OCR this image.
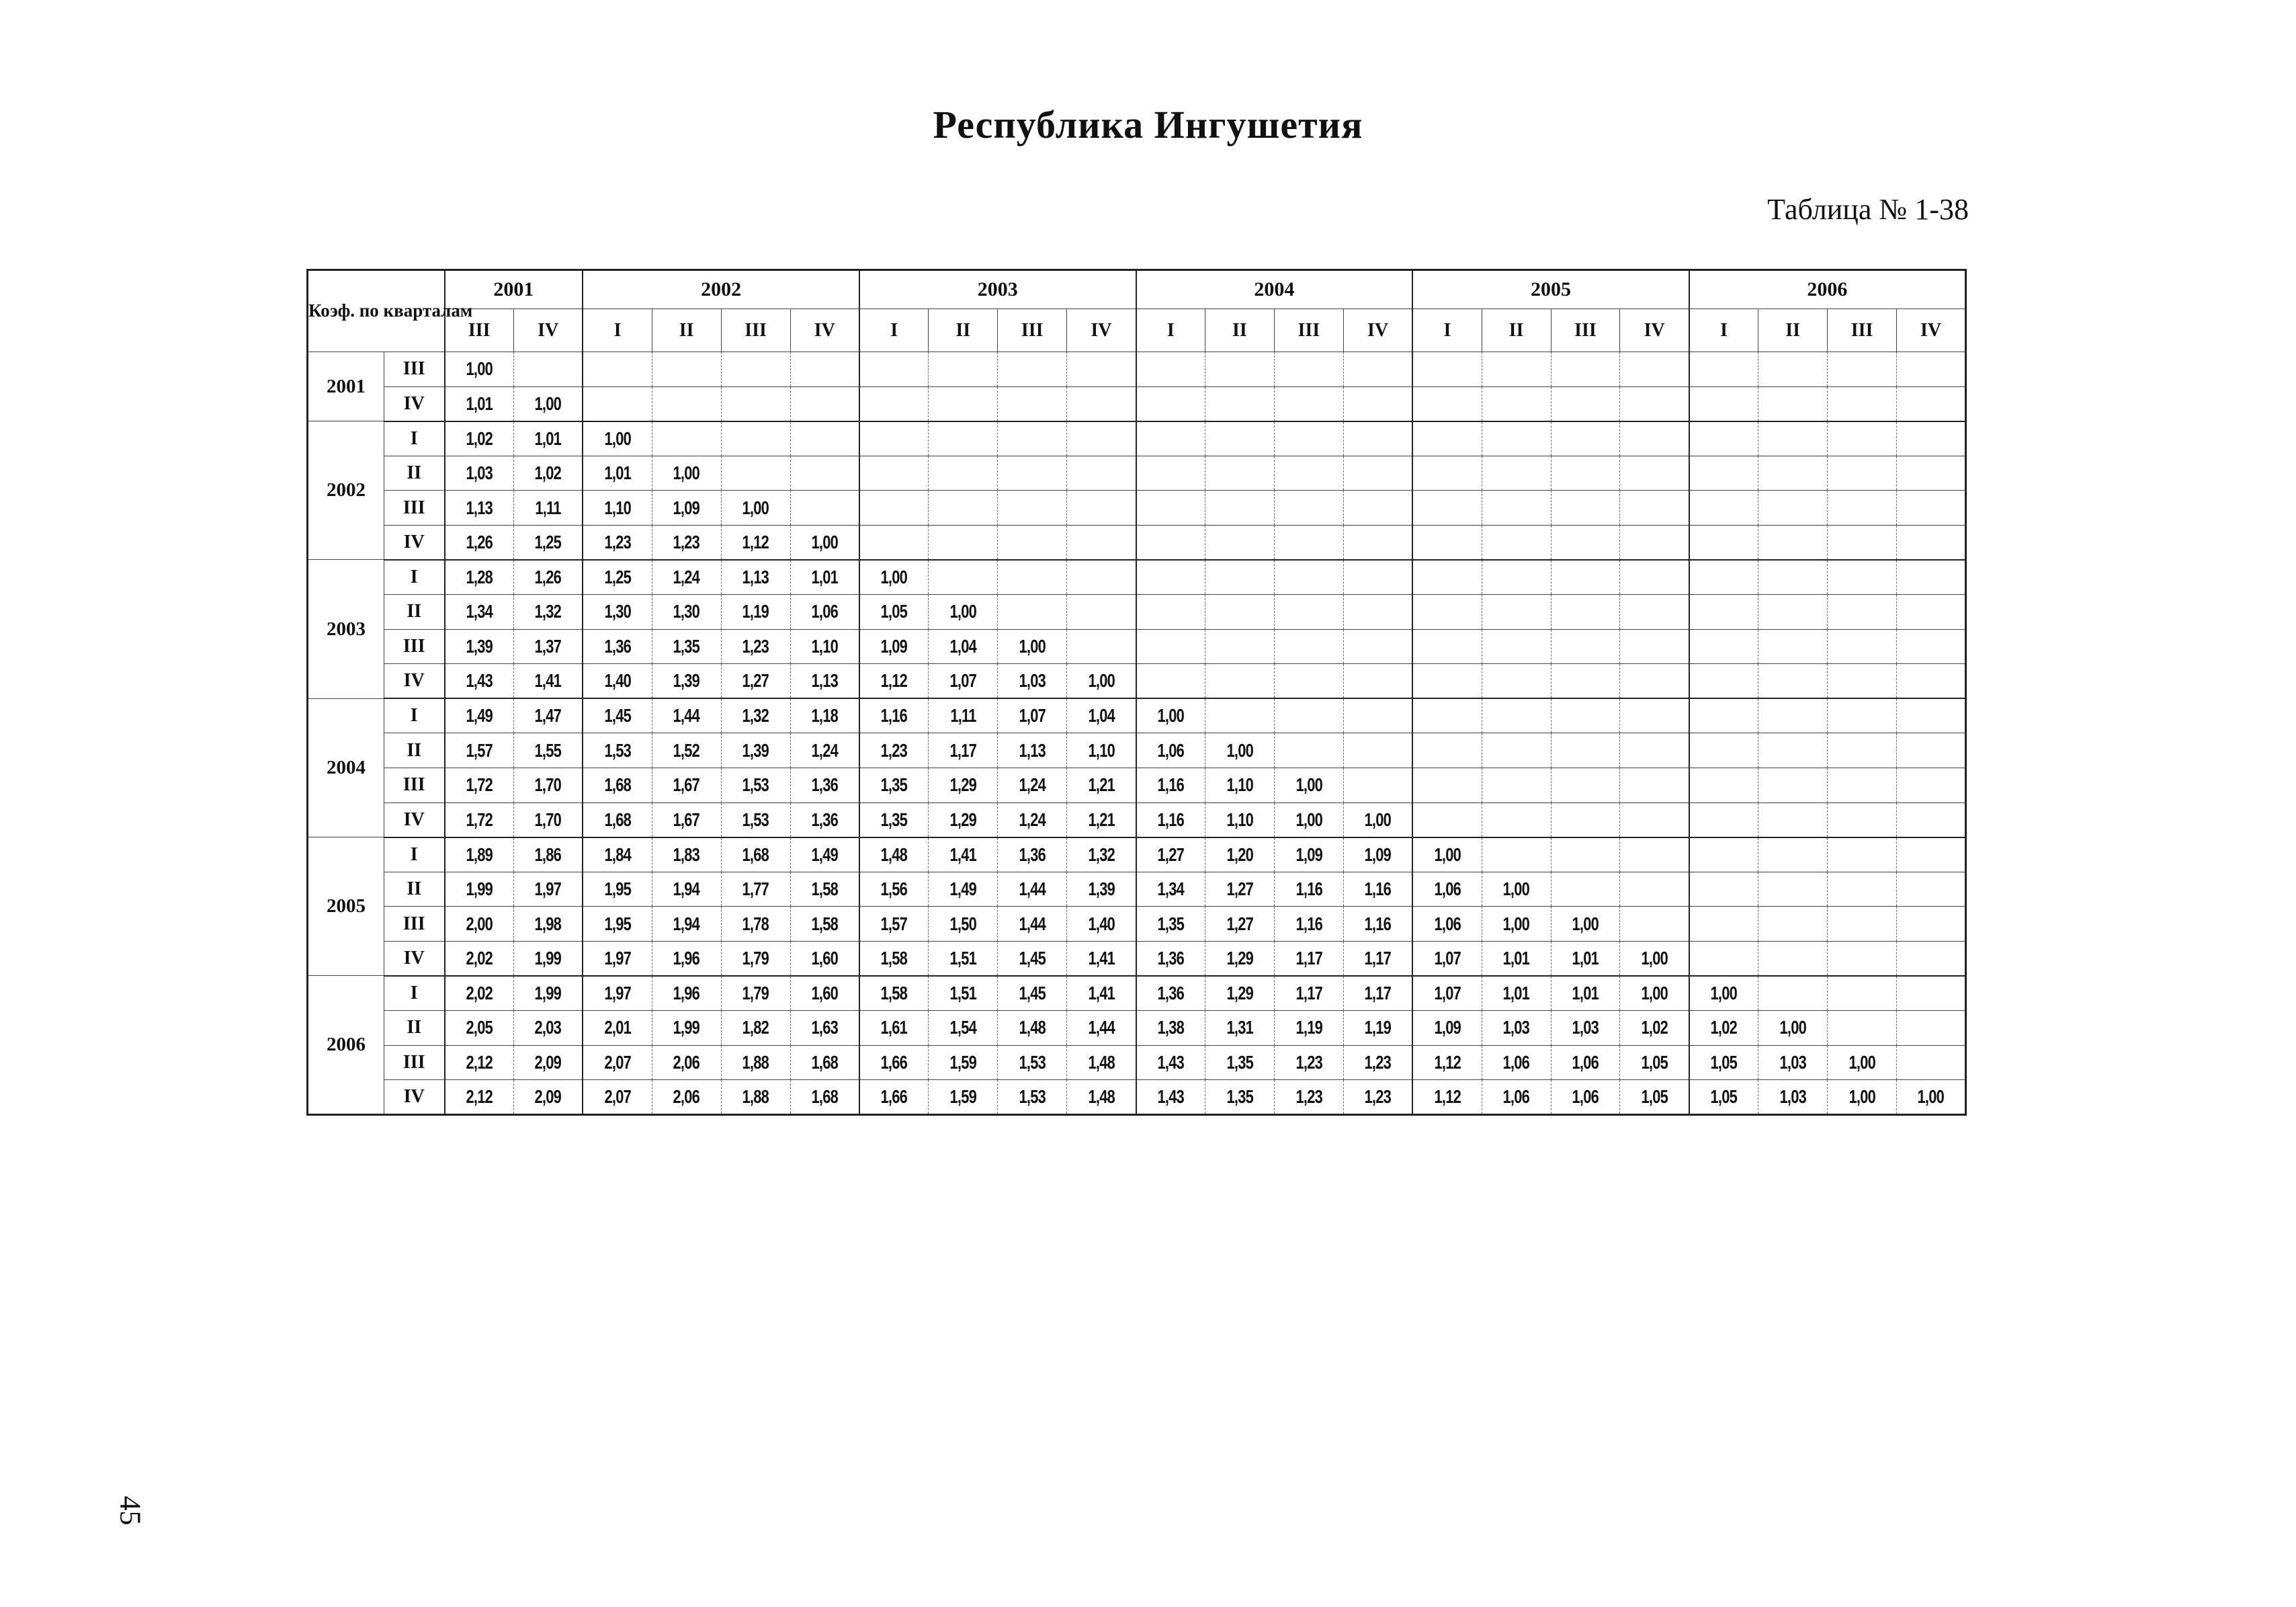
Республика Ингушетия
Таблица № 1-38
Коэф. по кварталам		2001		2002				2003				2004				2005				2006			
		III	IV	I	II	III	IV	I	II	III	IV	I	II	III	IV	I	II	III	IV	I	II	III	IV
2001	III	1,00																					
	IV	1,01	1,00																				
2002	I	1,02	1,01	1,00																			
	II	1,03	1,02	1,01	1,00																		
	III	1,13	1,11	1,10	1,09	1,00																	
	IV	1,26	1,25	1,23	1,23	1,12	1,00																
2003	I	1,28	1,26	1,25	1,24	1,13	1,01	1,00															
	II	1,34	1,32	1,30	1,30	1,19	1,06	1,05	1,00														
	III	1,39	1,37	1,36	1,35	1,23	1,10	1,09	1,04	1,00													
	IV	1,43	1,41	1,40	1,39	1,27	1,13	1,12	1,07	1,03	1,00												
2004	I	1,49	1,47	1,45	1,44	1,32	1,18	1,16	1,11	1,07	1,04	1,00											
	II	1,57	1,55	1,53	1,52	1,39	1,24	1,23	1,17	1,13	1,10	1,06	1,00										
	III	1,72	1,70	1,68	1,67	1,53	1,36	1,35	1,29	1,24	1,21	1,16	1,10	1,00									
	IV	1,72	1,70	1,68	1,67	1,53	1,36	1,35	1,29	1,24	1,21	1,16	1,10	1,00	1,00								
2005	I	1,89	1,86	1,84	1,83	1,68	1,49	1,48	1,41	1,36	1,32	1,27	1,20	1,09	1,09	1,00							
	II	1,99	1,97	1,95	1,94	1,77	1,58	1,56	1,49	1,44	1,39	1,34	1,27	1,16	1,16	1,06	1,00						
	III	2,00	1,98	1,95	1,94	1,78	1,58	1,57	1,50	1,44	1,40	1,35	1,27	1,16	1,16	1,06	1,00	1,00					
	IV	2,02	1,99	1,97	1,96	1,79	1,60	1,58	1,51	1,45	1,41	1,36	1,29	1,17	1,17	1,07	1,01	1,01	1,00				
2006	I	2,02	1,99	1,97	1,96	1,79	1,60	1,58	1,51	1,45	1,41	1,36	1,29	1,17	1,17	1,07	1,01	1,01	1,00	1,00			
	II	2,05	2,03	2,01	1,99	1,82	1,63	1,61	1,54	1,48	1,44	1,38	1,31	1,19	1,19	1,09	1,03	1,03	1,02	1,02	1,00		
	III	2,12	2,09	2,07	2,06	1,88	1,68	1,66	1,59	1,53	1,48	1,43	1,35	1,23	1,23	1,12	1,06	1,06	1,05	1,05	1,03	1,00	
	IV	2,12	2,09	2,07	2,06	1,88	1,68	1,66	1,59	1,53	1,48	1,43	1,35	1,23	1,23	1,12	1,06	1,06	1,05	1,05	1,03	1,00	1,00
45
